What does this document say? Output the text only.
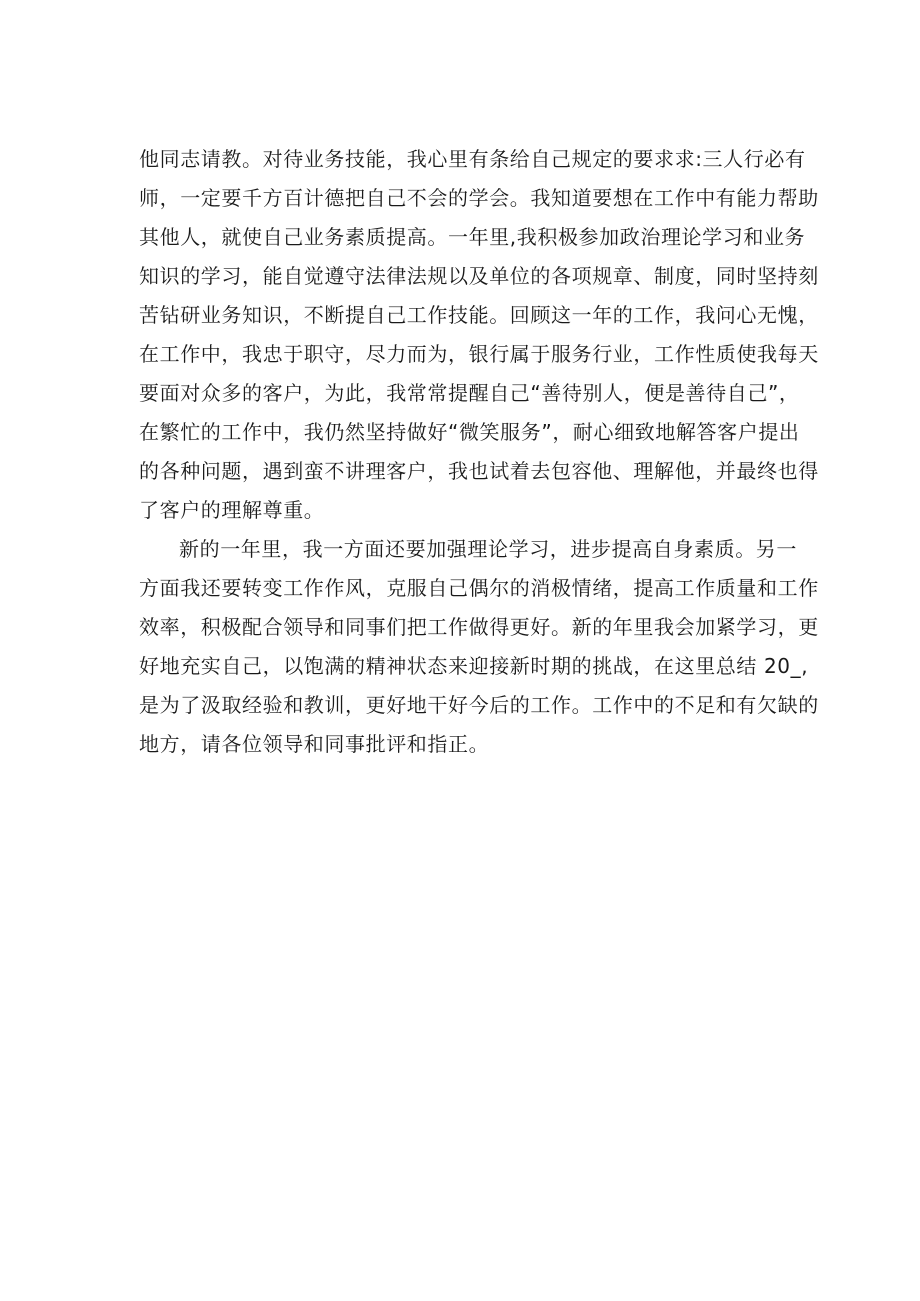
他同志请教。对待业务技能，我心里有条给自己规定的要求求:三人行必有
师，一定要千方百计德把自己不会的学会。我知道要想在工作中有能力帮助
其他人，就使自己业务素质提高。一年里,我积极参加政治理论学习和业务
知识的学习，能自觉遵守法律法规以及单位的各项规章、制度，同时坚持刻
苦钻研业务知识，不断提自己工作技能。回顾这一年的工作，我问心无愧，
在工作中，我忠于职守，尽力而为，银行属于服务行业，工作性质使我每天
要面对众多的客户，为此，我常常提醒自己“善待别人，便是善待自己”，
在繁忙的工作中，我仍然坚持做好“微笑服务”，耐心细致地解答客户提出
的各种问题，遇到蛮不讲理客户，我也试着去包容他、理解他，并最终也得
了客户的理解尊重。
新的一年里，我一方面还要加强理论学习，进步提高自身素质。另一
方面我还要转变工作作风，克服自己偶尔的消极情绪，提高工作质量和工作
效率，积极配合领导和同事们把工作做得更好。新的年里我会加紧学习，更
好地充实自己，以饱满的精神状态来迎接新时期的挑战，在这里总结 20_,
是为了汲取经验和教训，更好地干好今后的工作。工作中的不足和有欠缺的
地方，请各位领导和同事批评和指正。
